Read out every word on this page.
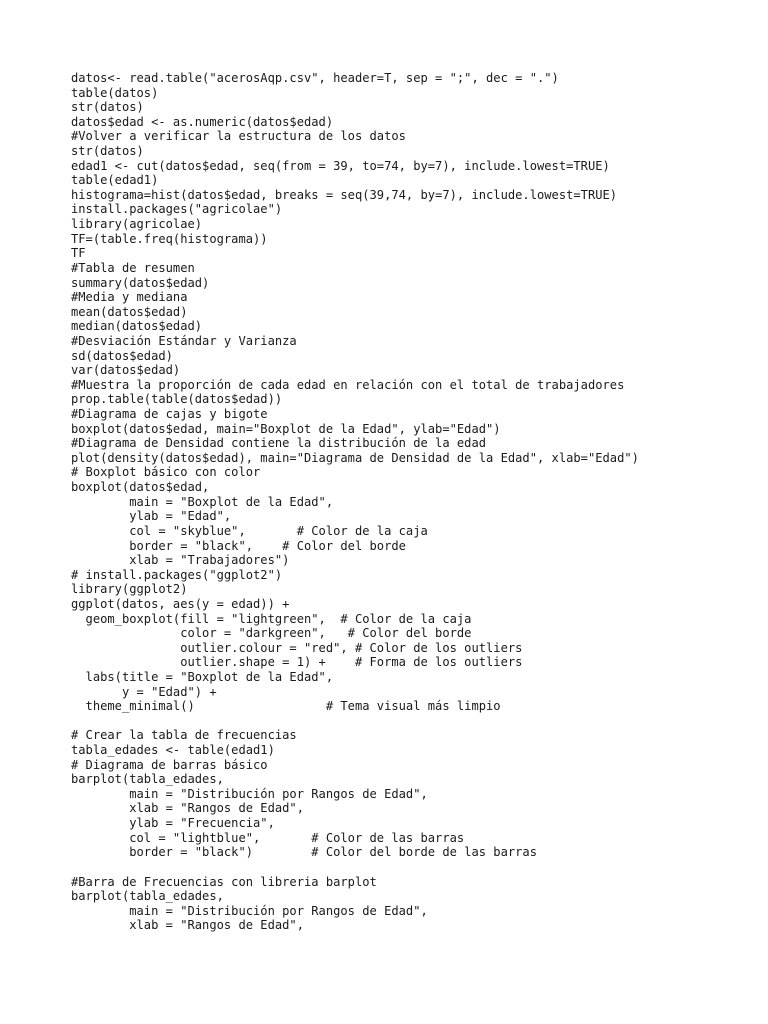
datos<- read.table("acerosAqp.csv", header=T, sep = ";", dec = ".")
table(datos)
str(datos)
datos$edad <- as.numeric(datos$edad)
#Volver a verificar la estructura de los datos
str(datos)
edad1 <- cut(datos$edad, seq(from = 39, to=74, by=7), include.lowest=TRUE)
table(edad1)
histograma=hist(datos$edad, breaks = seq(39,74, by=7), include.lowest=TRUE)
install.packages("agricolae")
library(agricolae)
TF=(table.freq(histograma))
TF
#Tabla de resumen
summary(datos$edad)
#Media y mediana
mean(datos$edad)
median(datos$edad)
#Desviación Estándar y Varianza
sd(datos$edad)
var(datos$edad)
#Muestra la proporción de cada edad en relación con el total de trabajadores
prop.table(table(datos$edad))
#Diagrama de cajas y bigote
boxplot(datos$edad, main="Boxplot de la Edad", ylab="Edad")
#Diagrama de Densidad contiene la distribución de la edad
plot(density(datos$edad), main="Diagrama de Densidad de la Edad", xlab="Edad")
# Boxplot básico con color
boxplot(datos$edad,
main = "Boxplot de la Edad",
ylab = "Edad",
col = "skyblue",       # Color de la caja
border = "black",    # Color del borde
xlab = "Trabajadores")
# install.packages("ggplot2")
library(ggplot2)
ggplot(datos, aes(y = edad)) +
geom_boxplot(fill = "lightgreen",  # Color de la caja
color = "darkgreen",   # Color del borde
outlier.colour = "red", # Color de los outliers
outlier.shape = 1) +    # Forma de los outliers
labs(title = "Boxplot de la Edad",
y = "Edad") +
theme_minimal()                  # Tema visual más limpio
# Crear la tabla de frecuencias
tabla_edades <- table(edad1)
# Diagrama de barras básico
barplot(tabla_edades,
main = "Distribución por Rangos de Edad",
xlab = "Rangos de Edad",
ylab = "Frecuencia",
col = "lightblue",       # Color de las barras
border = "black")        # Color del borde de las barras
#Barra de Frecuencias con libreria barplot
barplot(tabla_edades,
main = "Distribución por Rangos de Edad",
xlab = "Rangos de Edad",
